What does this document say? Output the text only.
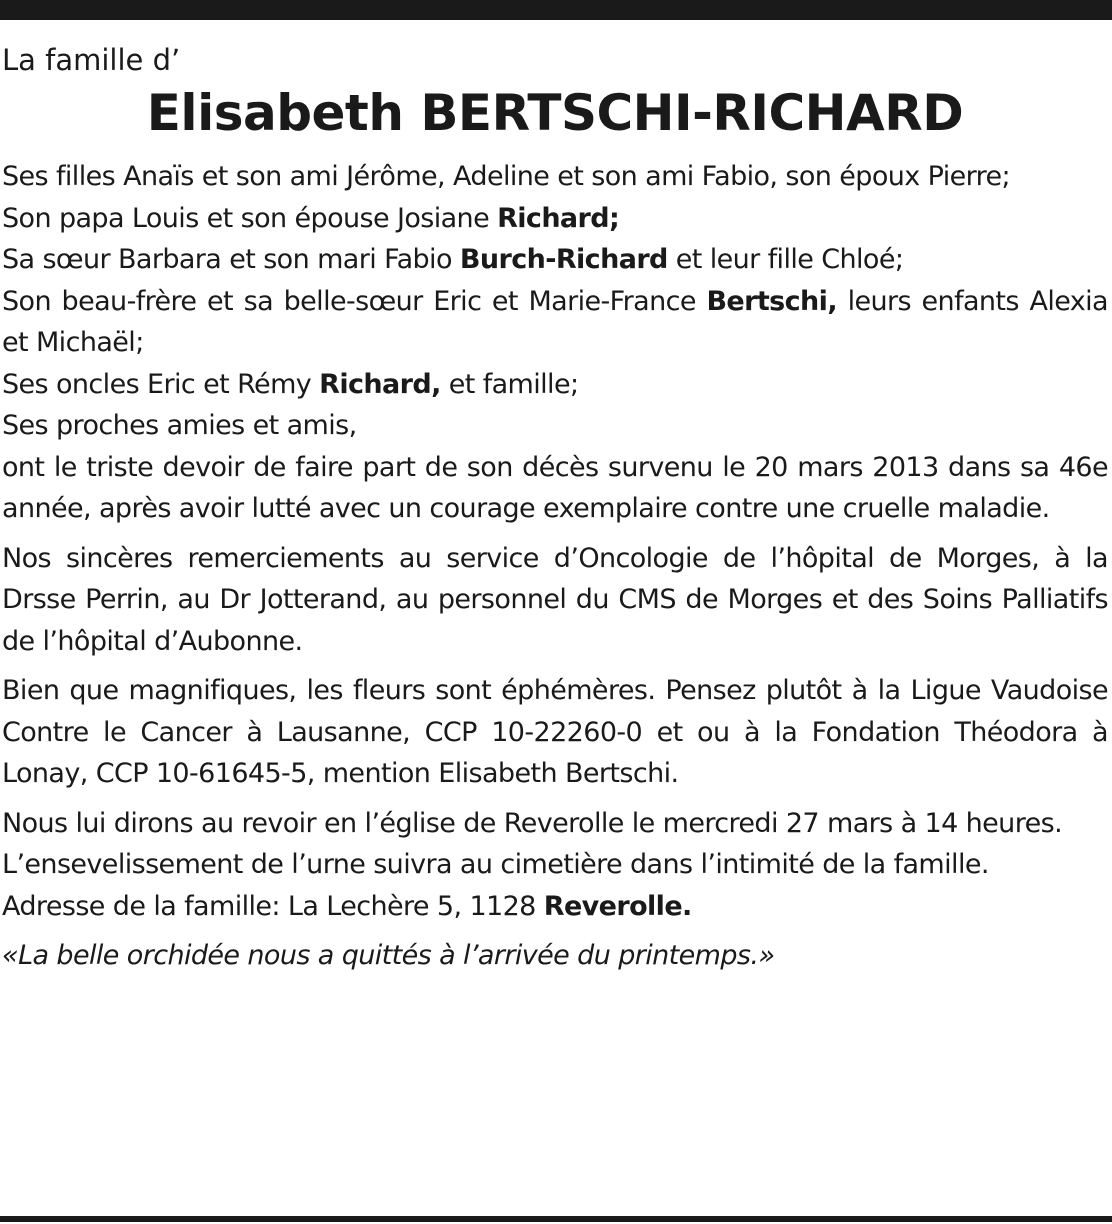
La famille d’
Elisabeth BERTSCHI-RICHARD

Ses filles Anaïs et son ami Jérôme, Adeline et son ami Fabio, son époux Pierre;

Son papa Louis et son épouse Josiane Richard;

Sa sœur Barbara et son mari Fabio Burch-Richard et leur fille Chloé;

Son beau-frère et sa belle-sœur Eric et Marie-France Bertschi, leurs enfants Alexia et Michaël;

Ses oncles Eric et Rémy Richard, et famille;

Ses proches amies et amis,

ont le triste devoir de faire part de son décès survenu le 20 mars 2013 dans sa 46e année, après avoir lutté avec un courage exemplaire contre une cruelle maladie.

Nos sincères remerciements au service d’Oncologie de l’hôpital de Morges, à la Drsse Perrin, au Dr Jotterand, au personnel du CMS de Morges et des Soins Palliatifs de l’hôpital d’Aubonne.

Bien que magnifiques, les fleurs sont éphémères. Pensez plutôt à la Ligue Vaudoise Contre le Cancer à Lausanne, CCP 10-22260-0 et ou à la Fondation Théodora à Lonay, CCP 10-61645-5, mention Elisabeth Bertschi.

Nous lui dirons au revoir en l’église de Reverolle le mercredi 27 mars à 14 heures.

L’ensevelissement de l’urne suivra au cimetière dans l’intimité de la famille.

Adresse de la famille: La Lechère 5, 1128 Reverolle.

«La belle orchidée nous a quittés à l’arrivée du printemps.»
